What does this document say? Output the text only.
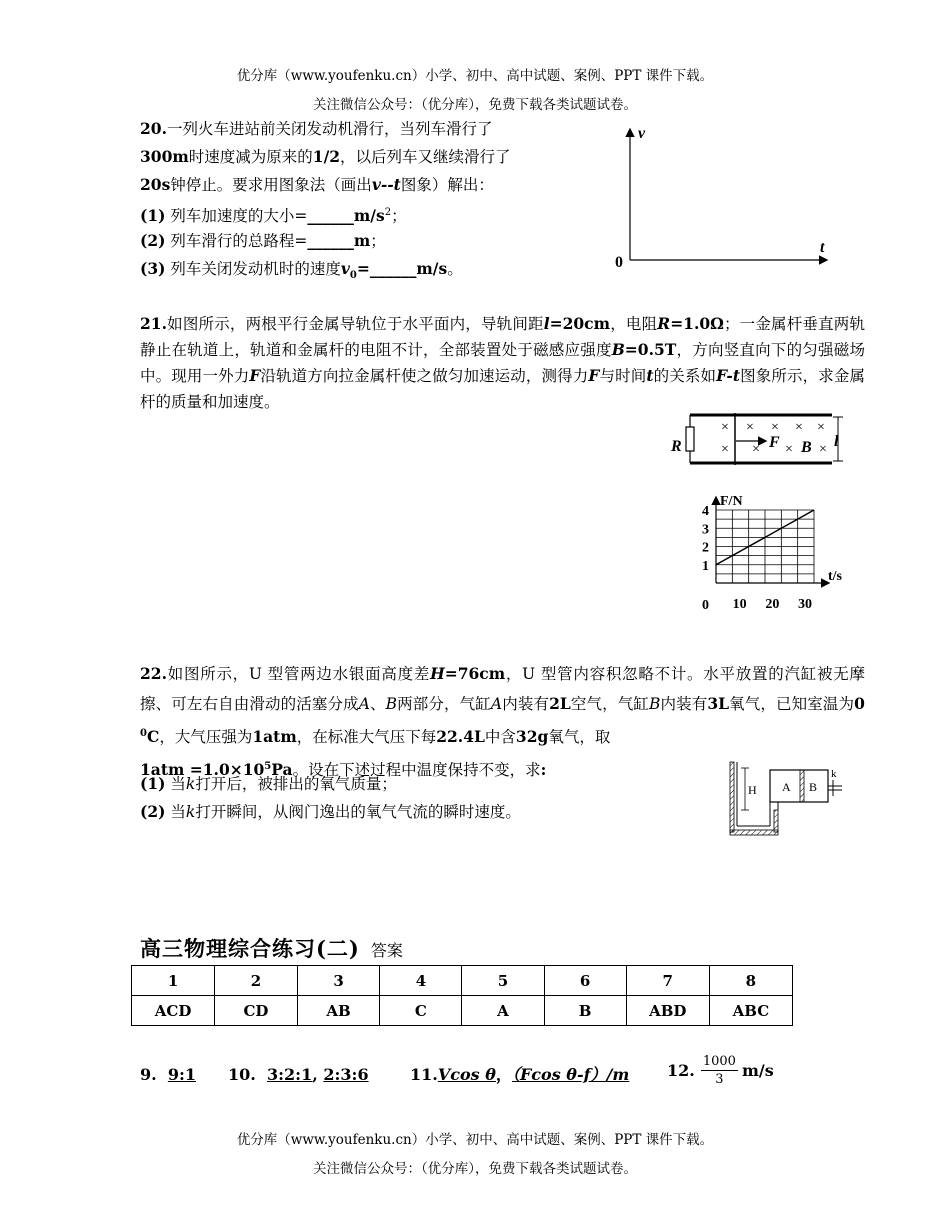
优分库（www.youfenku.cn）小学、初中、高中试题、案例、PPT 课件下载。
关注微信公众号：（优分库），免费下载各类试题试卷。
20.一列火车进站前关闭发动机滑行，当列车滑行了
300m时速度减为原来的1/2，以后列车又继续滑行了
20s钟停止。要求用图象法（画出v--t图象）解出：
(1) 列车加速度的大小$=\_\_\_\_\_\_m/s^2$；
(2) 列车滑行的总路程=______m；
(3) 列车关闭发动机时的速度$v_0=\_\_\_\_\_\_m/s$。
v
t
0
21.如图所示，两根平行金属导轨位于水平面内，导轨间距l=20cm，电阻R=1.0Ω；一金属杆垂直两轨静止在轨道上，轨道和金属杆的电阻不计，全部装置处于磁感应强度B=0.5T，方向竖直向下的匀强磁场中。现用一外力F沿轨道方向拉金属杆使之做匀加速运动，测得力F与时间t的关系如F-t图象所示，求金属杆的质量和加速度。
R
× × × × ×
× × × ×
F B l
F/N
t/s
0
1
2
3
4
10 20 30
22.如图所示，U 型管两边水银面高度差H=76cm，U 型管内容积忽略不计。水平放置的汽缸被无摩擦、可左右自由滑动的活塞分成A、B两部分，气缸A内装有2L空气，气缸B内装有3L氧气，已知室温为0 $^0$C，大气压强为1atm，在标准大气压下每22.4L中含32g氧气，取
$1atm =1.0\times 10^5Pa$。设在下述过程中温度保持不变，求:
(1) 当k打开后，被排出的氧气质量；
(2) 当k打开瞬间，从阀门逸出的氧气气流的瞬时速度。
H A B
k
高三物理综合练习(二) 答案
1	2	3	4	5	6	7	8
ACD	CD	AB	C	A	B	ABD	ABC
9. 9:1 10. 3:2:1, 2:3:6	11.Vcos θ，（Fcos θ-f）/m 12. 1000
3 m/s
优分库（www.youfenku.cn）小学、初中、高中试题、案例、PPT 课件下载。
关注微信公众号：（优分库），免费下载各类试题试卷。
